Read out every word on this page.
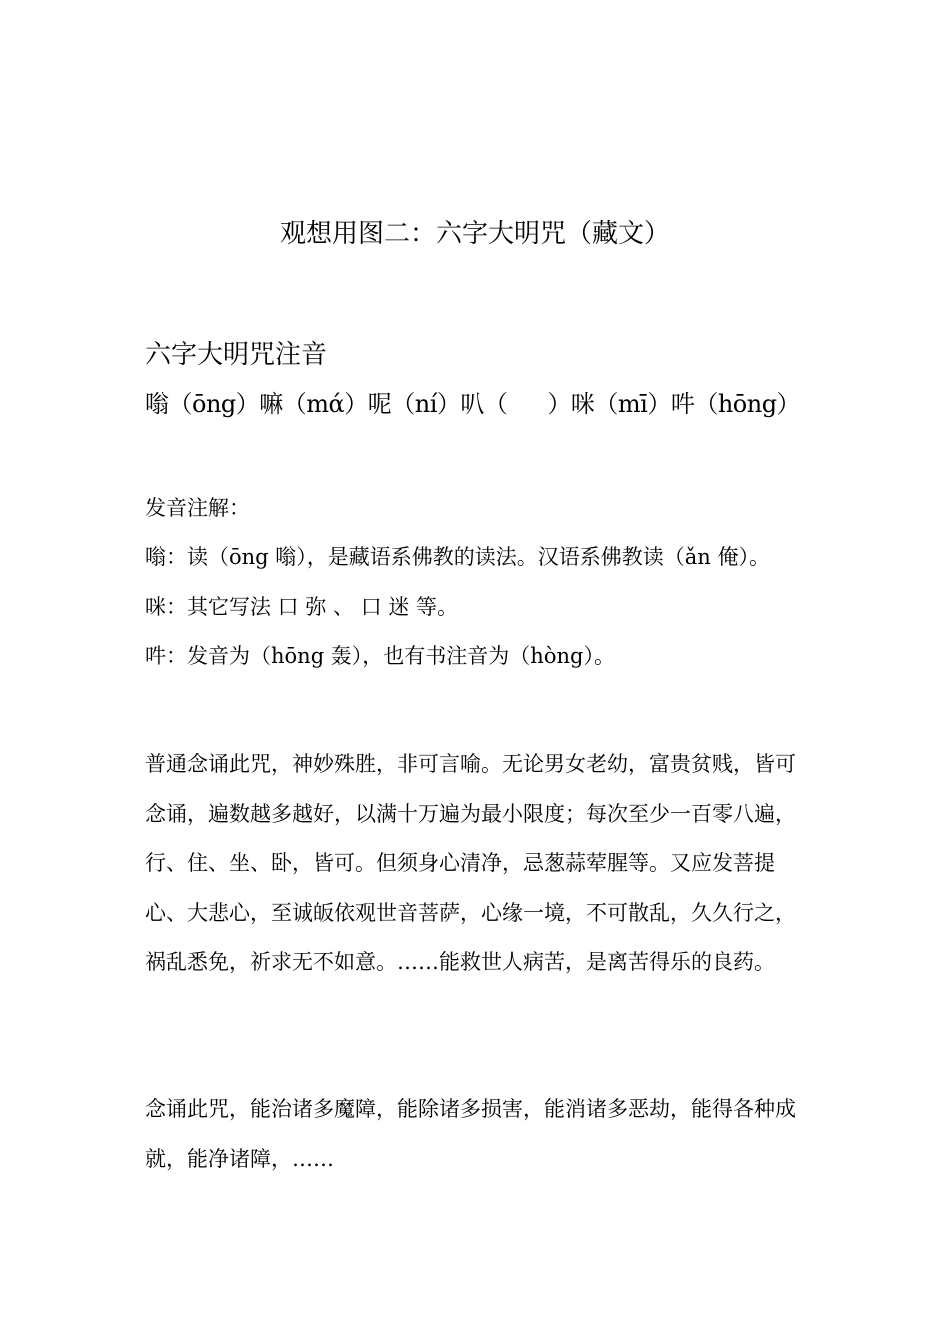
观想用图二：六字大明咒（藏文）
六字大明咒注音
嗡（ōng）嘛（mά）呢（ní）叭（ ）咪（mī）吽（hōng）
发音注解：
嗡：读（ōng 嗡），是藏语系佛教的读法。汉语系佛教读（ǎn 俺）。
咪：其它写法 口 弥 、 口 迷 等。
吽：发音为（hōng 轰），也有书注音为（hòng）。

普通念诵此咒，神妙殊胜，非可言喻。无论男女老幼，富贵贫贱，皆可念诵，遍数越多越好，以满十万遍为最小限度；每次至少一百零八遍，行、住、坐、卧，皆可。但须身心清净，忌葱蒜荤腥等。又应发菩提心、大悲心，至诚皈依观世音菩萨，心缘一境，不可散乱，久久行之，祸乱悉免，祈求无不如意。……能救世人病苦，是离苦得乐的良药。

念诵此咒，能治诸多魔障，能除诸多损害，能消诸多恶劫，能得各种成就，能净诸障，……
